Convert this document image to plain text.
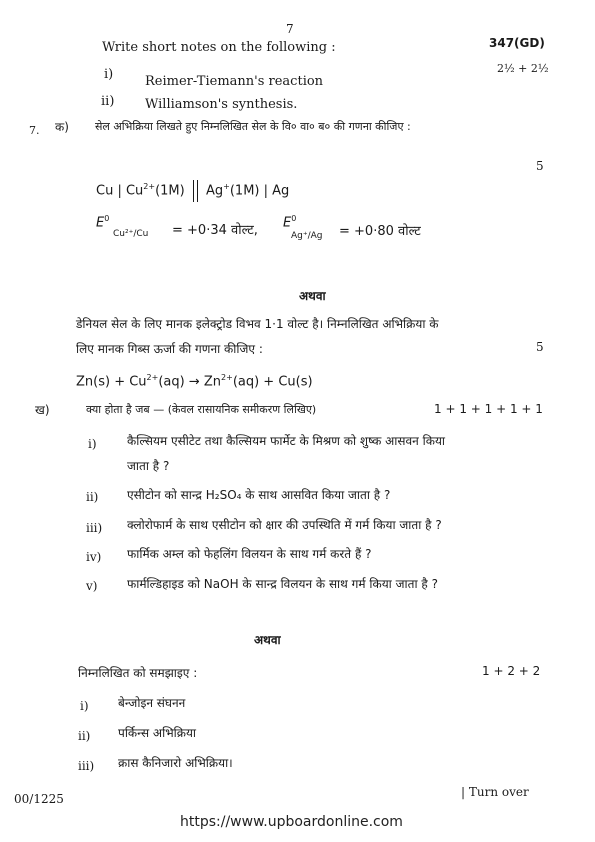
7
347(GD)
Write short notes on the following :
2½ + 2½
i) Reimer-Tiemann's reaction
ii) Williamson's synthesis.
7. क) सेल अभिक्रिया लिखते हुए निम्नलिखित सेल के वि० वा० ब० की गणना कीजिए :
5
Cu | $Cu^{2+}(1M)$ Ag+(1M) | Ag
$E^0$
Cu²⁺/Cu = +0·34 वोल्ट,
$E^0$
Ag⁺/Ag = +0·80 वोल्ट
अथवा
डेनियल सेल के लिए मानक इलेक्ट्रोड विभव 1·1 वोल्ट है। निम्नलिखित अभिक्रिया के
लिए मानक गिब्स ऊर्जा की गणना कीजिए :	5
$Zn(s) + Cu^{2+}(aq) \to Zn^{2+}(aq) + Cu(s)$
ख)	क्या होता है जब — (केवल रासायनिक समीकरण लिखिए)	1 + 1 + 1 + 1 + 1
i)	कैल्सियम एसीटेट तथा कैल्सियम फार्मेट के मिश्रण को शुष्क आसवन किया
जाता है ?
ii) एसीटोन को सान्द्र H₂SO₄ के साथ आसवित किया जाता है ?
iii) क्लोरोफार्म के साथ एसीटोन को क्षार की उपस्थिति में गर्म किया जाता है ?
iv) फार्मिक अम्ल को फेहलिंग विलयन के साथ गर्म करते हैं ?
v) फार्मल्डिहाइड को NaOH के सान्द्र विलयन के साथ गर्म किया जाता है ?
अथवा
निम्नलिखित को समझाइए :	1 + 2 + 2
i) बेन्जोइन संघनन
ii) पर्किन्स अभिक्रिया
iii) क्रास कैनिजारो अभिक्रिया।
00/1225	| Turn over
https://www.upboardonline.com
